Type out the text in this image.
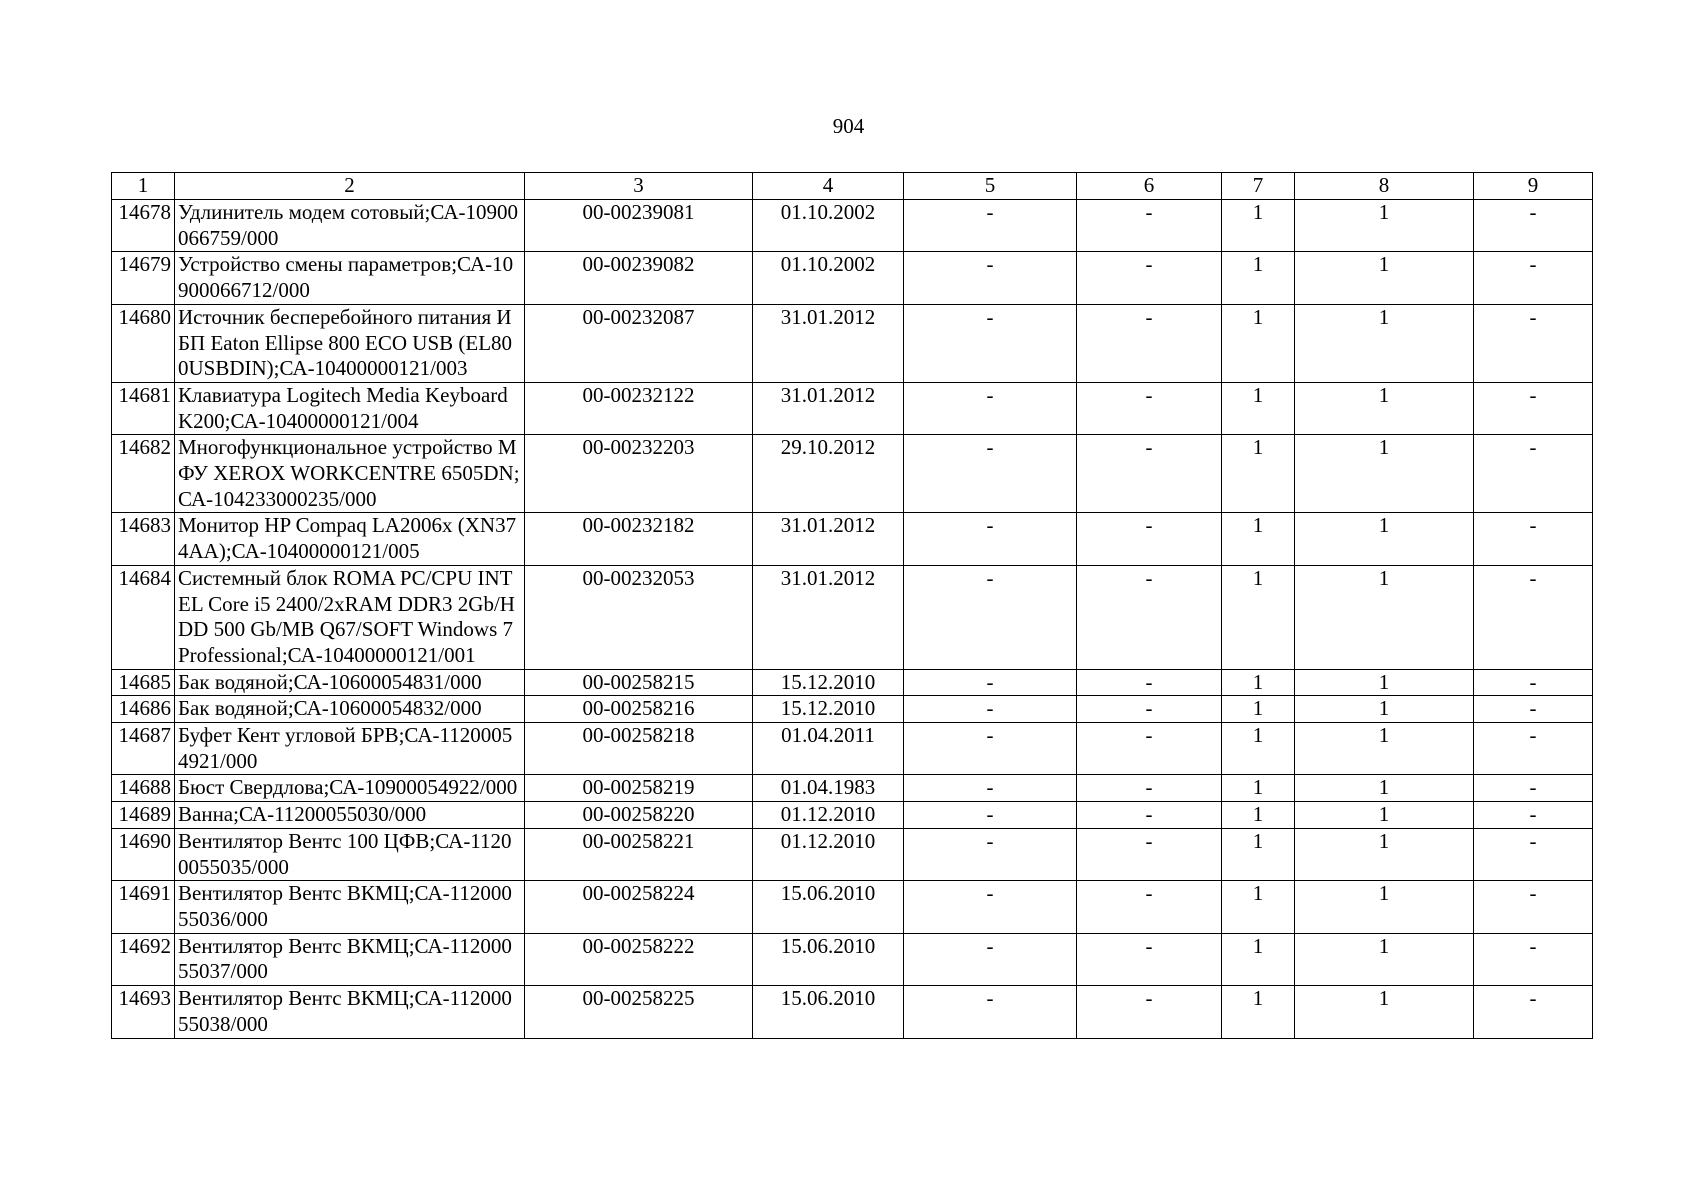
904
1	2	3	4	5	6	7	8	9
14678	Удлинитель модем сотовый;СА-10900066759/000	00-00239081	01.10.2002	-	-	1	1	-
14679	Устройство смены параметров;СА-10900066712/000	00-00239082	01.10.2002	-	-	1	1	-
14680	Источник бесперебойного питания ИБП Eaton Ellipse 800 ECO USB (EL800USBDIN);СА-10400000121/003	00-00232087	31.01.2012	-	-	1	1	-
14681	Клавиатура Logitech Media Keyboard K200;СА-10400000121/004	00-00232122	31.01.2012	-	-	1	1	-
14682	Многофункциональное устройство МФУ XEROX WORKCENTRE 6505DN;СА-104233000235/000	00-00232203	29.10.2012	-	-	1	1	-
14683	Монитор HP Compaq LA2006x (XN374AA);СА-10400000121/005	00-00232182	31.01.2012	-	-	1	1	-
14684	Системный блок ROMA PC/CPU INTEL Core i5 2400/2xRAM DDR3 2Gb/HDD 500 Gb/MB Q67/SOFT Windows 7 Professional;СА-10400000121/001	00-00232053	31.01.2012	-	-	1	1	-
14685	Бак водяной;СА-10600054831/000	00-00258215	15.12.2010	-	-	1	1	-
14686	Бак водяной;СА-10600054832/000	00-00258216	15.12.2010	-	-	1	1	-
14687	Буфет Кент угловой БРВ;СА-11200054921/000	00-00258218	01.04.2011	-	-	1	1	-
14688	Бюст Свердлова;СА-10900054922/000	00-00258219	01.04.1983	-	-	1	1	-
14689	Ванна;СА-11200055030/000	00-00258220	01.12.2010	-	-	1	1	-
14690	Вентилятор Вентс 100 ЦФВ;СА-11200055035/000	00-00258221	01.12.2010	-	-	1	1	-
14691	Вентилятор Вентс ВКМЦ;СА-11200055036/000	00-00258224	15.06.2010	-	-	1	1	-
14692	Вентилятор Вентс ВКМЦ;СА-11200055037/000	00-00258222	15.06.2010	-	-	1	1	-
14693	Вентилятор Вентс ВКМЦ;СА-11200055038/000	00-00258225	15.06.2010	-	-	1	1	-
